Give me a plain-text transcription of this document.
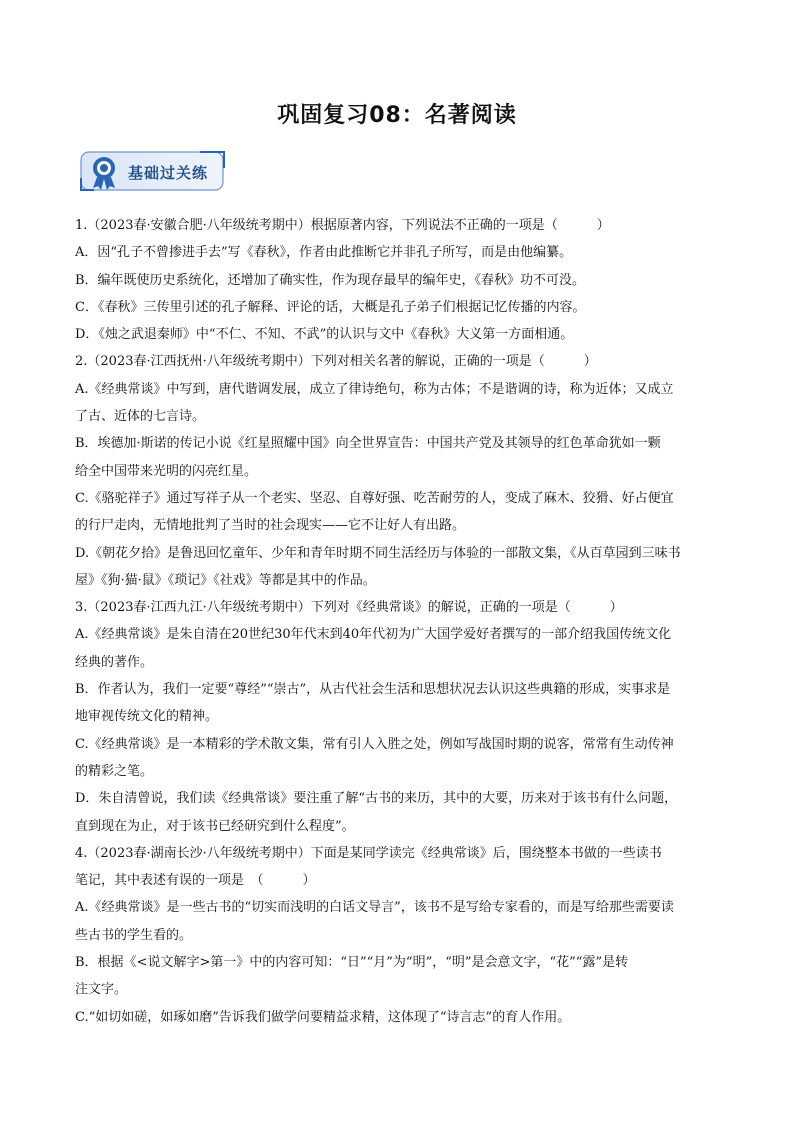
巩固复习08：名著阅读
基础过关练
1.（2023春·安徽合肥·八年级统考期中）根据原著内容，下列说法不正确的一项是（　　　）
A．因“孔子不曾掺进手去”写《春秋》，作者由此推断它并非孔子所写，而是由他编纂。
B．编年既使历史系统化，还增加了确实性，作为现存最早的编年史，《春秋》功不可没。
C．《春秋》三传里引述的孔子解释、评论的话，大概是孔子弟子们根据记忆传播的内容。
D．《烛之武退秦师》中“不仁、不知、不武”的认识与文中《春秋》大义第一方面相通。
2.（2023春·江西抚州·八年级统考期中）下列对相关名著的解说，正确的一项是（　　　）
A.《经典常谈》中写到，唐代谐调发展，成立了律诗绝句，称为古体；不是谐调的诗，称为近体；又成立
了古、近体的七言诗。
B．埃德加·斯诺的传记小说《红星照耀中国》向全世界宣告：中国共产党及其领导的红色革命犹如一颗
给全中国带来光明的闪亮红星。
C.《骆驼祥子》通过写祥子从一个老实、坚忍、自尊好强、吃苦耐劳的人，变成了麻木、狡猾、好占便宜
的行尸走肉，无情地批判了当时的社会现实——它不让好人有出路。
D.《朝花夕拾》是鲁迅回忆童年、少年和青年时期不同生活经历与体验的一部散文集，《从百草园到三味书
屋》《狗·猫·鼠》《琐记》《社戏》等都是其中的作品。
3.（2023春·江西九江·八年级统考期中）下列对《经典常谈》的解说，正确的一项是（　　　）
A.《经典常谈》是朱自清在20世纪30年代末到40年代初为广大国学爱好者撰写的一部介绍我国传统文化
经典的著作。
B．作者认为，我们一定要“尊经”“崇古”，从古代社会生活和思想状况去认识这些典籍的形成，实事求是
地审视传统文化的精神。
C.《经典常谈》是一本精彩的学术散文集，常有引人入胜之处，例如写战国时期的说客，常常有生动传神
的精彩之笔。
D．朱自清曾说，我们读《经典常谈》要注重了解“古书的来历，其中的大要，历来对于该书有什么问题，
直到现在为止，对于该书已经研究到什么程度”。
4.（2023春·湖南长沙·八年级统考期中）下面是某同学读完《经典常谈》后，围绕整本书做的一些读书
笔记，其中表述有误的一项是　（　　　）
A.《经典常谈》是一些古书的“切实而浅明的白话文导言”，该书不是写给专家看的，而是写给那些需要读
些古书的学生看的。
B．根据《<说文解字>第一》中的内容可知：“日”“月”为“明”，“明”是会意文字，“花”“露”是转
注文字。
C.“如切如磋，如琢如磨”告诉我们做学问要精益求精，这体现了“诗言志”的育人作用。
